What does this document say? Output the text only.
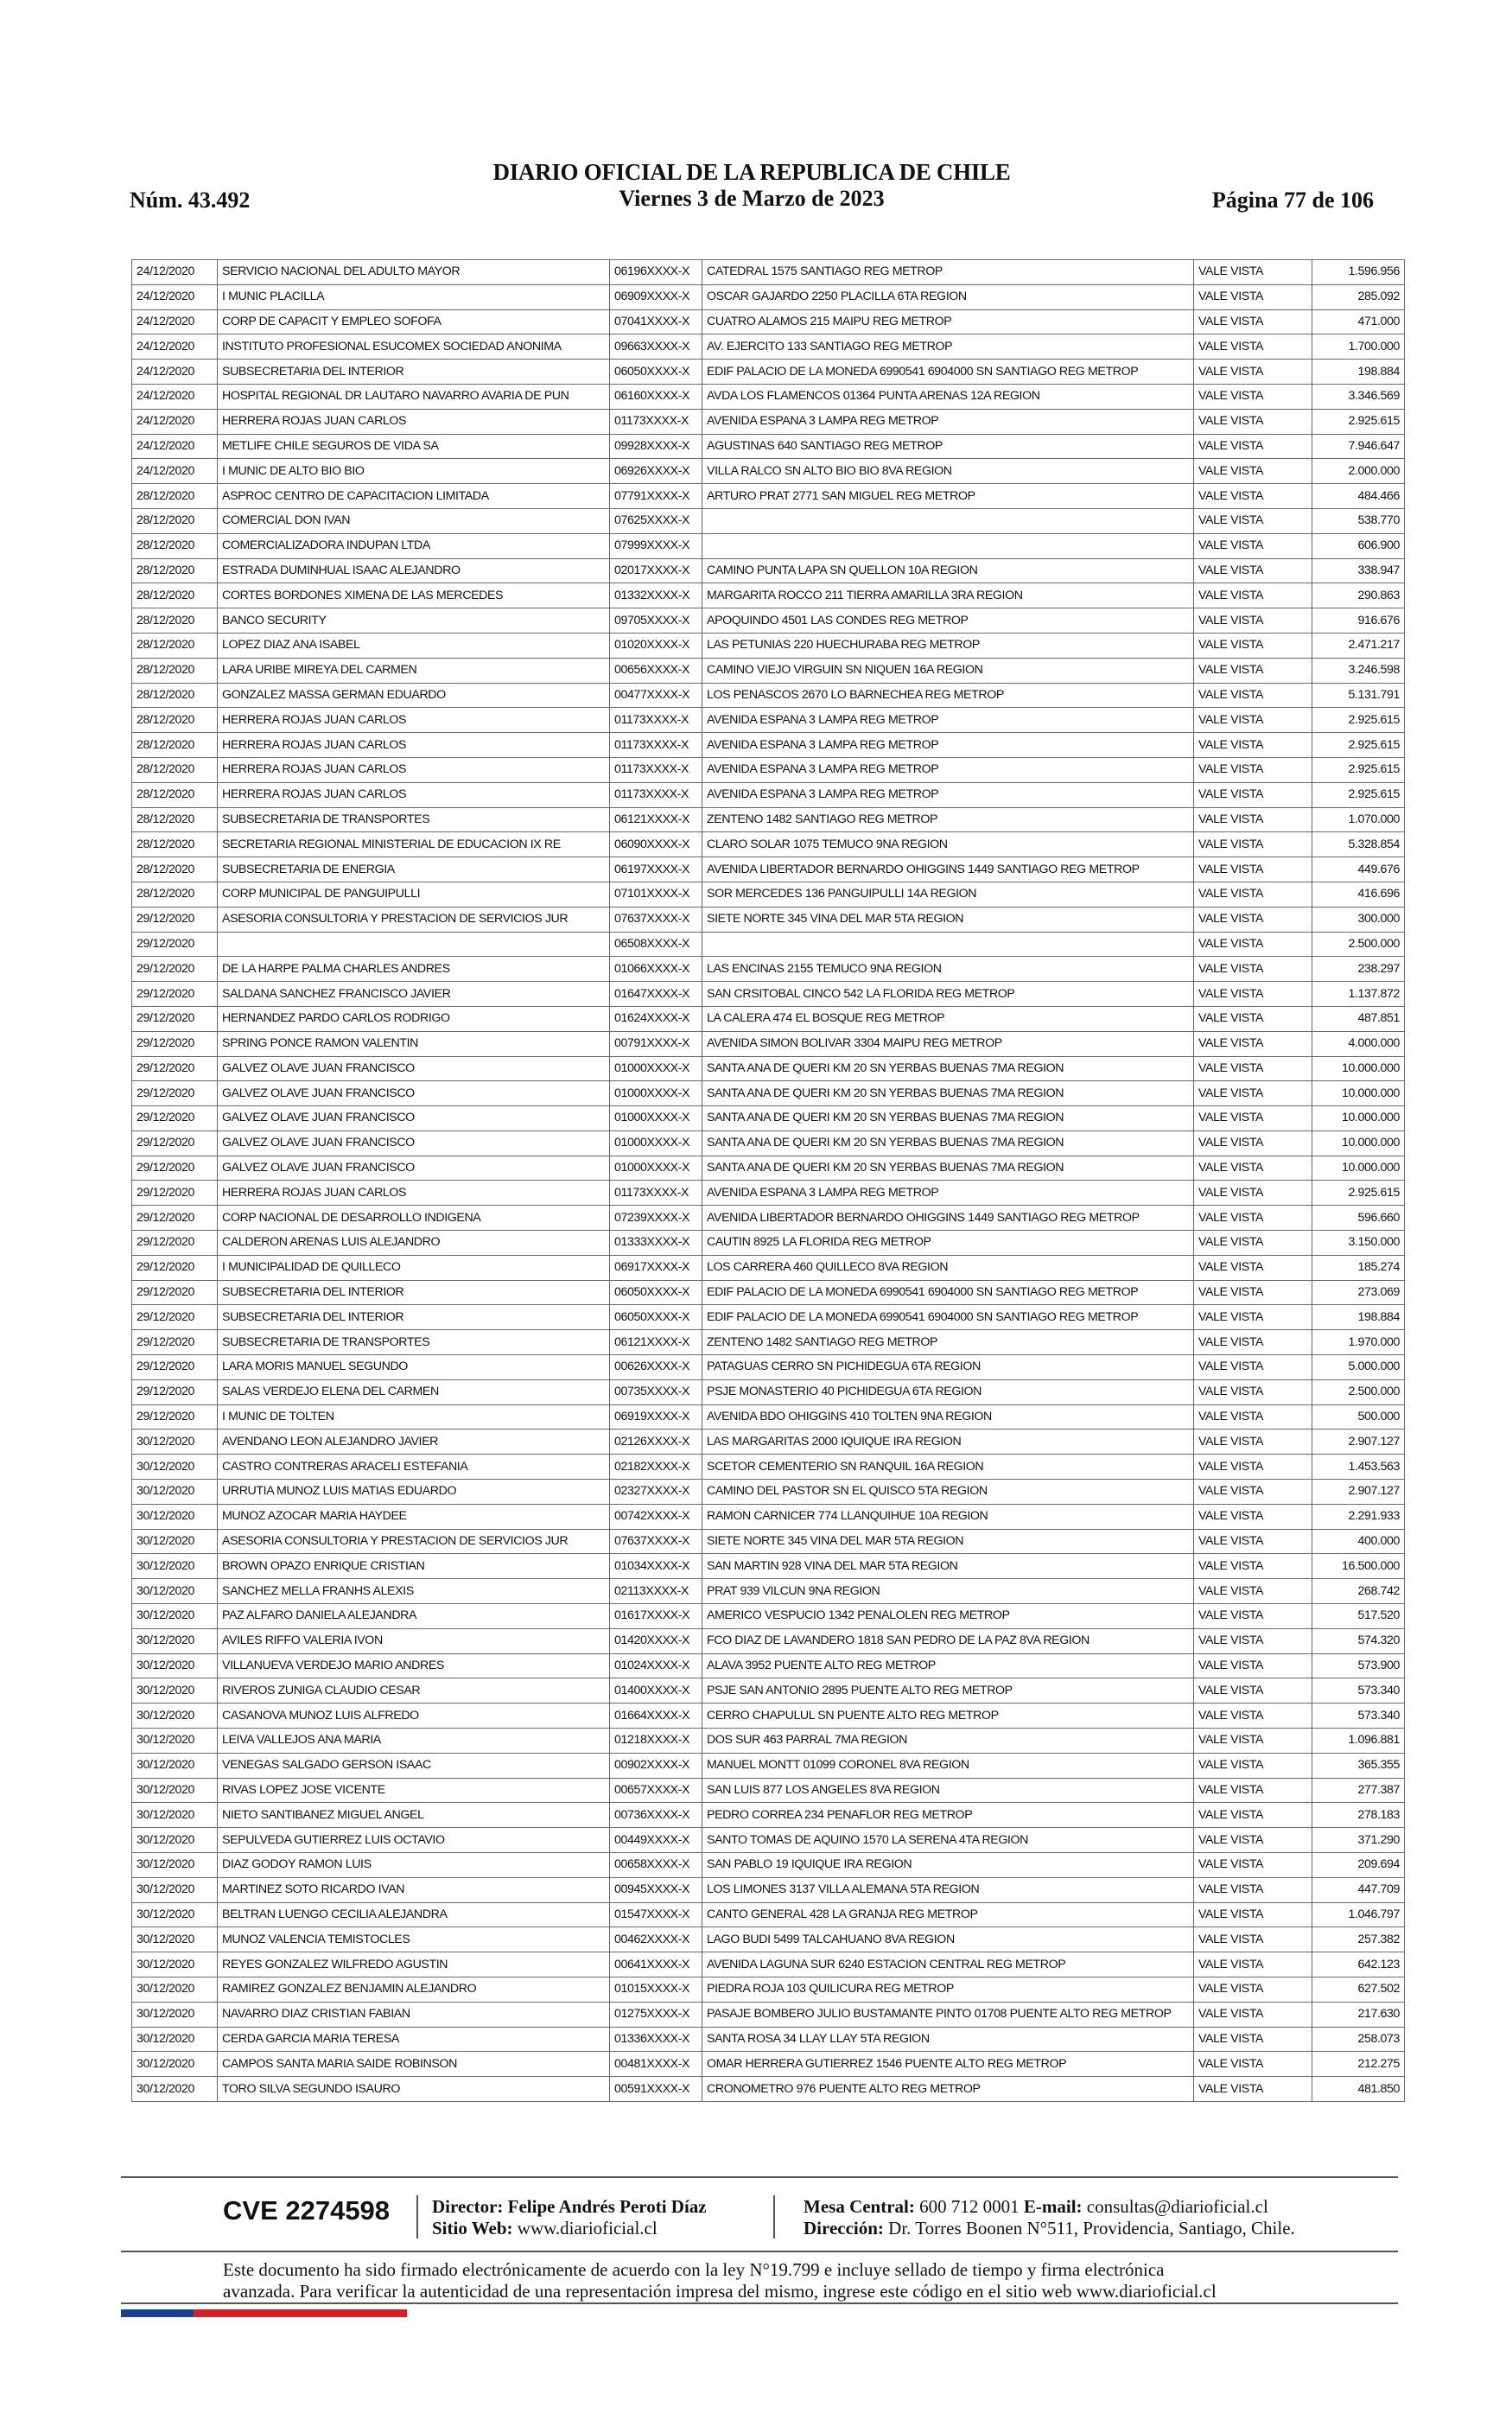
Núm. 43.492
DIARIO OFICIAL DE LA REPUBLICA DE CHILE
Viernes 3 de Marzo de 2023	Página 77 de 106
24/12/2020	SERVICIO NACIONAL DEL ADULTO MAYOR	06196XXXX-X	CATEDRAL 1575 SANTIAGO REG METROP	VALE VISTA	1.596.956
24/12/2020	I MUNIC PLACILLA	06909XXXX-X	OSCAR GAJARDO 2250 PLACILLA 6TA REGION	VALE VISTA	285.092
24/12/2020	CORP DE CAPACIT Y EMPLEO SOFOFA	07041XXXX-X	CUATRO ALAMOS 215 MAIPU REG METROP	VALE VISTA	471.000
24/12/2020	INSTITUTO PROFESIONAL ESUCOMEX SOCIEDAD ANONIMA	09663XXXX-X	AV. EJERCITO 133 SANTIAGO REG METROP	VALE VISTA	1.700.000
24/12/2020	SUBSECRETARIA DEL INTERIOR	06050XXXX-X	EDIF PALACIO DE LA MONEDA 6990541 6904000 SN SANTIAGO REG METROP	VALE VISTA	198.884
24/12/2020	HOSPITAL REGIONAL DR LAUTARO NAVARRO AVARIA DE PUN	06160XXXX-X	AVDA LOS FLAMENCOS 01364 PUNTA ARENAS 12A REGION	VALE VISTA	3.346.569
24/12/2020	HERRERA ROJAS JUAN CARLOS	01173XXXX-X	AVENIDA ESPANA 3 LAMPA REG METROP	VALE VISTA	2.925.615
24/12/2020	METLIFE CHILE SEGUROS DE VIDA SA	09928XXXX-X	AGUSTINAS 640 SANTIAGO REG METROP	VALE VISTA	7.946.647
24/12/2020	I MUNIC DE ALTO BIO BIO	06926XXXX-X	VILLA RALCO SN ALTO BIO BIO 8VA REGION	VALE VISTA	2.000.000
28/12/2020	ASPROC CENTRO DE CAPACITACION LIMITADA	07791XXXX-X	ARTURO PRAT 2771 SAN MIGUEL REG METROP	VALE VISTA	484.466
28/12/2020	COMERCIAL DON IVAN	07625XXXX-X		VALE VISTA	538.770
28/12/2020	COMERCIALIZADORA INDUPAN LTDA	07999XXXX-X		VALE VISTA	606.900
28/12/2020	ESTRADA DUMINHUAL ISAAC ALEJANDRO	02017XXXX-X	CAMINO PUNTA LAPA SN QUELLON 10A REGION	VALE VISTA	338.947
28/12/2020	CORTES BORDONES XIMENA DE LAS MERCEDES	01332XXXX-X	MARGARITA ROCCO 211 TIERRA AMARILLA 3RA REGION	VALE VISTA	290.863
28/12/2020	BANCO SECURITY	09705XXXX-X	APOQUINDO 4501 LAS CONDES REG METROP	VALE VISTA	916.676
28/12/2020	LOPEZ DIAZ ANA ISABEL	01020XXXX-X	LAS PETUNIAS 220 HUECHURABA REG METROP	VALE VISTA	2.471.217
28/12/2020	LARA URIBE MIREYA DEL CARMEN	00656XXXX-X	CAMINO VIEJO VIRGUIN SN NIQUEN 16A REGION	VALE VISTA	3.246.598
28/12/2020	GONZALEZ MASSA GERMAN EDUARDO	00477XXXX-X	LOS PENASCOS 2670 LO BARNECHEA REG METROP	VALE VISTA	5.131.791
28/12/2020	HERRERA ROJAS JUAN CARLOS	01173XXXX-X	AVENIDA ESPANA 3 LAMPA REG METROP	VALE VISTA	2.925.615
28/12/2020	HERRERA ROJAS JUAN CARLOS	01173XXXX-X	AVENIDA ESPANA 3 LAMPA REG METROP	VALE VISTA	2.925.615
28/12/2020	HERRERA ROJAS JUAN CARLOS	01173XXXX-X	AVENIDA ESPANA 3 LAMPA REG METROP	VALE VISTA	2.925.615
28/12/2020	HERRERA ROJAS JUAN CARLOS	01173XXXX-X	AVENIDA ESPANA 3 LAMPA REG METROP	VALE VISTA	2.925.615
28/12/2020	SUBSECRETARIA DE TRANSPORTES	06121XXXX-X	ZENTENO 1482 SANTIAGO REG METROP	VALE VISTA	1.070.000
28/12/2020	SECRETARIA REGIONAL MINISTERIAL DE EDUCACION IX RE	06090XXXX-X	CLARO SOLAR 1075 TEMUCO 9NA REGION	VALE VISTA	5.328.854
28/12/2020	SUBSECRETARIA DE ENERGIA	06197XXXX-X	AVENIDA LIBERTADOR BERNARDO OHIGGINS 1449 SANTIAGO REG METROP	VALE VISTA	449.676
28/12/2020	CORP MUNICIPAL DE PANGUIPULLI	07101XXXX-X	SOR MERCEDES 136 PANGUIPULLI 14A REGION	VALE VISTA	416.696
29/12/2020	ASESORIA CONSULTORIA Y PRESTACION DE SERVICIOS JUR	07637XXXX-X	SIETE NORTE 345 VINA DEL MAR 5TA REGION	VALE VISTA	300.000
29/12/2020		06508XXXX-X		VALE VISTA	2.500.000
29/12/2020	DE LA HARPE PALMA CHARLES ANDRES	01066XXXX-X	LAS ENCINAS 2155 TEMUCO 9NA REGION	VALE VISTA	238.297
29/12/2020	SALDANA SANCHEZ FRANCISCO JAVIER	01647XXXX-X	SAN CRSITOBAL CINCO 542 LA FLORIDA REG METROP	VALE VISTA	1.137.872
29/12/2020	HERNANDEZ PARDO CARLOS RODRIGO	01624XXXX-X	LA CALERA 474 EL BOSQUE REG METROP	VALE VISTA	487.851
29/12/2020	SPRING PONCE RAMON VALENTIN	00791XXXX-X	AVENIDA SIMON BOLIVAR 3304 MAIPU REG METROP	VALE VISTA	4.000.000
29/12/2020	GALVEZ OLAVE JUAN FRANCISCO	01000XXXX-X	SANTA ANA DE QUERI KM 20 SN YERBAS BUENAS 7MA REGION	VALE VISTA	10.000.000
29/12/2020	GALVEZ OLAVE JUAN FRANCISCO	01000XXXX-X	SANTA ANA DE QUERI KM 20 SN YERBAS BUENAS 7MA REGION	VALE VISTA	10.000.000
29/12/2020	GALVEZ OLAVE JUAN FRANCISCO	01000XXXX-X	SANTA ANA DE QUERI KM 20 SN YERBAS BUENAS 7MA REGION	VALE VISTA	10.000.000
29/12/2020	GALVEZ OLAVE JUAN FRANCISCO	01000XXXX-X	SANTA ANA DE QUERI KM 20 SN YERBAS BUENAS 7MA REGION	VALE VISTA	10.000.000
29/12/2020	GALVEZ OLAVE JUAN FRANCISCO	01000XXXX-X	SANTA ANA DE QUERI KM 20 SN YERBAS BUENAS 7MA REGION	VALE VISTA	10.000.000
29/12/2020	HERRERA ROJAS JUAN CARLOS	01173XXXX-X	AVENIDA ESPANA 3 LAMPA REG METROP	VALE VISTA	2.925.615
29/12/2020	CORP NACIONAL DE DESARROLLO INDIGENA	07239XXXX-X	AVENIDA LIBERTADOR BERNARDO OHIGGINS 1449 SANTIAGO REG METROP	VALE VISTA	596.660
29/12/2020	CALDERON ARENAS LUIS ALEJANDRO	01333XXXX-X	CAUTIN 8925 LA FLORIDA REG METROP	VALE VISTA	3.150.000
29/12/2020	I MUNICIPALIDAD DE QUILLECO	06917XXXX-X	LOS CARRERA 460 QUILLECO 8VA REGION	VALE VISTA	185.274
29/12/2020	SUBSECRETARIA DEL INTERIOR	06050XXXX-X	EDIF PALACIO DE LA MONEDA 6990541 6904000 SN SANTIAGO REG METROP	VALE VISTA	273.069
29/12/2020	SUBSECRETARIA DEL INTERIOR	06050XXXX-X	EDIF PALACIO DE LA MONEDA 6990541 6904000 SN SANTIAGO REG METROP	VALE VISTA	198.884
29/12/2020	SUBSECRETARIA DE TRANSPORTES	06121XXXX-X	ZENTENO 1482 SANTIAGO REG METROP	VALE VISTA	1.970.000
29/12/2020	LARA MORIS MANUEL SEGUNDO	00626XXXX-X	PATAGUAS CERRO SN PICHIDEGUA 6TA REGION	VALE VISTA	5.000.000
29/12/2020	SALAS VERDEJO ELENA DEL CARMEN	00735XXXX-X	PSJE MONASTERIO 40 PICHIDEGUA 6TA REGION	VALE VISTA	2.500.000
29/12/2020	I MUNIC DE TOLTEN	06919XXXX-X	AVENIDA BDO OHIGGINS 410 TOLTEN 9NA REGION	VALE VISTA	500.000
30/12/2020	AVENDANO LEON ALEJANDRO JAVIER	02126XXXX-X	LAS MARGARITAS 2000 IQUIQUE IRA REGION	VALE VISTA	2.907.127
30/12/2020	CASTRO CONTRERAS ARACELI ESTEFANIA	02182XXXX-X	SCETOR CEMENTERIO SN RANQUIL 16A REGION	VALE VISTA	1.453.563
30/12/2020	URRUTIA MUNOZ LUIS MATIAS EDUARDO	02327XXXX-X	CAMINO DEL PASTOR SN EL QUISCO 5TA REGION	VALE VISTA	2.907.127
30/12/2020	MUNOZ AZOCAR MARIA HAYDEE	00742XXXX-X	RAMON CARNICER 774 LLANQUIHUE 10A REGION	VALE VISTA	2.291.933
30/12/2020	ASESORIA CONSULTORIA Y PRESTACION DE SERVICIOS JUR	07637XXXX-X	SIETE NORTE 345 VINA DEL MAR 5TA REGION	VALE VISTA	400.000
30/12/2020	BROWN OPAZO ENRIQUE CRISTIAN	01034XXXX-X	SAN MARTIN 928 VINA DEL MAR 5TA REGION	VALE VISTA	16.500.000
30/12/2020	SANCHEZ MELLA FRANHS ALEXIS	02113XXXX-X	PRAT 939 VILCUN 9NA REGION	VALE VISTA	268.742
30/12/2020	PAZ ALFARO DANIELA ALEJANDRA	01617XXXX-X	AMERICO VESPUCIO 1342 PENALOLEN REG METROP	VALE VISTA	517.520
30/12/2020	AVILES RIFFO VALERIA IVON	01420XXXX-X	FCO DIAZ DE LAVANDERO 1818 SAN PEDRO DE LA PAZ 8VA REGION	VALE VISTA	574.320
30/12/2020	VILLANUEVA VERDEJO MARIO ANDRES	01024XXXX-X	ALAVA 3952 PUENTE ALTO REG METROP	VALE VISTA	573.900
30/12/2020	RIVEROS ZUNIGA CLAUDIO CESAR	01400XXXX-X	PSJE SAN ANTONIO 2895 PUENTE ALTO REG METROP	VALE VISTA	573.340
30/12/2020	CASANOVA MUNOZ LUIS ALFREDO	01664XXXX-X	CERRO CHAPULUL SN PUENTE ALTO REG METROP	VALE VISTA	573.340
30/12/2020	LEIVA VALLEJOS ANA MARIA	01218XXXX-X	DOS SUR 463 PARRAL 7MA REGION	VALE VISTA	1.096.881
30/12/2020	VENEGAS SALGADO GERSON ISAAC	00902XXXX-X	MANUEL MONTT 01099 CORONEL 8VA REGION	VALE VISTA	365.355
30/12/2020	RIVAS LOPEZ JOSE VICENTE	00657XXXX-X	SAN LUIS 877 LOS ANGELES 8VA REGION	VALE VISTA	277.387
30/12/2020	NIETO SANTIBANEZ MIGUEL ANGEL	00736XXXX-X	PEDRO CORREA 234 PENAFLOR REG METROP	VALE VISTA	278.183
30/12/2020	SEPULVEDA GUTIERREZ LUIS OCTAVIO	00449XXXX-X	SANTO TOMAS DE AQUINO 1570 LA SERENA 4TA REGION	VALE VISTA	371.290
30/12/2020	DIAZ GODOY RAMON LUIS	00658XXXX-X	SAN PABLO 19 IQUIQUE IRA REGION	VALE VISTA	209.694
30/12/2020	MARTINEZ SOTO RICARDO IVAN	00945XXXX-X	LOS LIMONES 3137 VILLA ALEMANA 5TA REGION	VALE VISTA	447.709
30/12/2020	BELTRAN LUENGO CECILIA ALEJANDRA	01547XXXX-X	CANTO GENERAL 428 LA GRANJA REG METROP	VALE VISTA	1.046.797
30/12/2020	MUNOZ VALENCIA TEMISTOCLES	00462XXXX-X	LAGO BUDI 5499 TALCAHUANO 8VA REGION	VALE VISTA	257.382
30/12/2020	REYES GONZALEZ WILFREDO AGUSTIN	00641XXXX-X	AVENIDA LAGUNA SUR 6240 ESTACION CENTRAL REG METROP	VALE VISTA	642.123
30/12/2020	RAMIREZ GONZALEZ BENJAMIN ALEJANDRO	01015XXXX-X	PIEDRA ROJA 103 QUILICURA REG METROP	VALE VISTA	627.502
30/12/2020	NAVARRO DIAZ CRISTIAN FABIAN	01275XXXX-X	PASAJE BOMBERO JULIO BUSTAMANTE PINTO 01708 PUENTE ALTO REG METROP	VALE VISTA	217.630
30/12/2020	CERDA GARCIA MARIA TERESA	01336XXXX-X	SANTA ROSA 34 LLAY LLAY 5TA REGION	VALE VISTA	258.073
30/12/2020	CAMPOS SANTA MARIA SAIDE ROBINSON	00481XXXX-X	OMAR HERRERA GUTIERREZ 1546 PUENTE ALTO REG METROP	VALE VISTA	212.275
30/12/2020	TORO SILVA SEGUNDO ISAURO	00591XXXX-X	CRONOMETRO 976 PUENTE ALTO REG METROP	VALE VISTA	481.850
CVE 2274598 Director: Felipe Andrés Peroti Díaz
Sitio Web: www.diarioficial.cl
Mesa Central: 600 712 0001 E-mail: consultas@diarioficial.cl
Dirección: Dr. Torres Boonen N°511, Providencia, Santiago, Chile.
Este documento ha sido firmado electrónicamente de acuerdo con la ley N°19.799 e incluye sellado de tiempo y firma electrónica
avanzada. Para verificar la autenticidad de una representación impresa del mismo, ingrese este código en el sitio web www.diarioficial.cl
